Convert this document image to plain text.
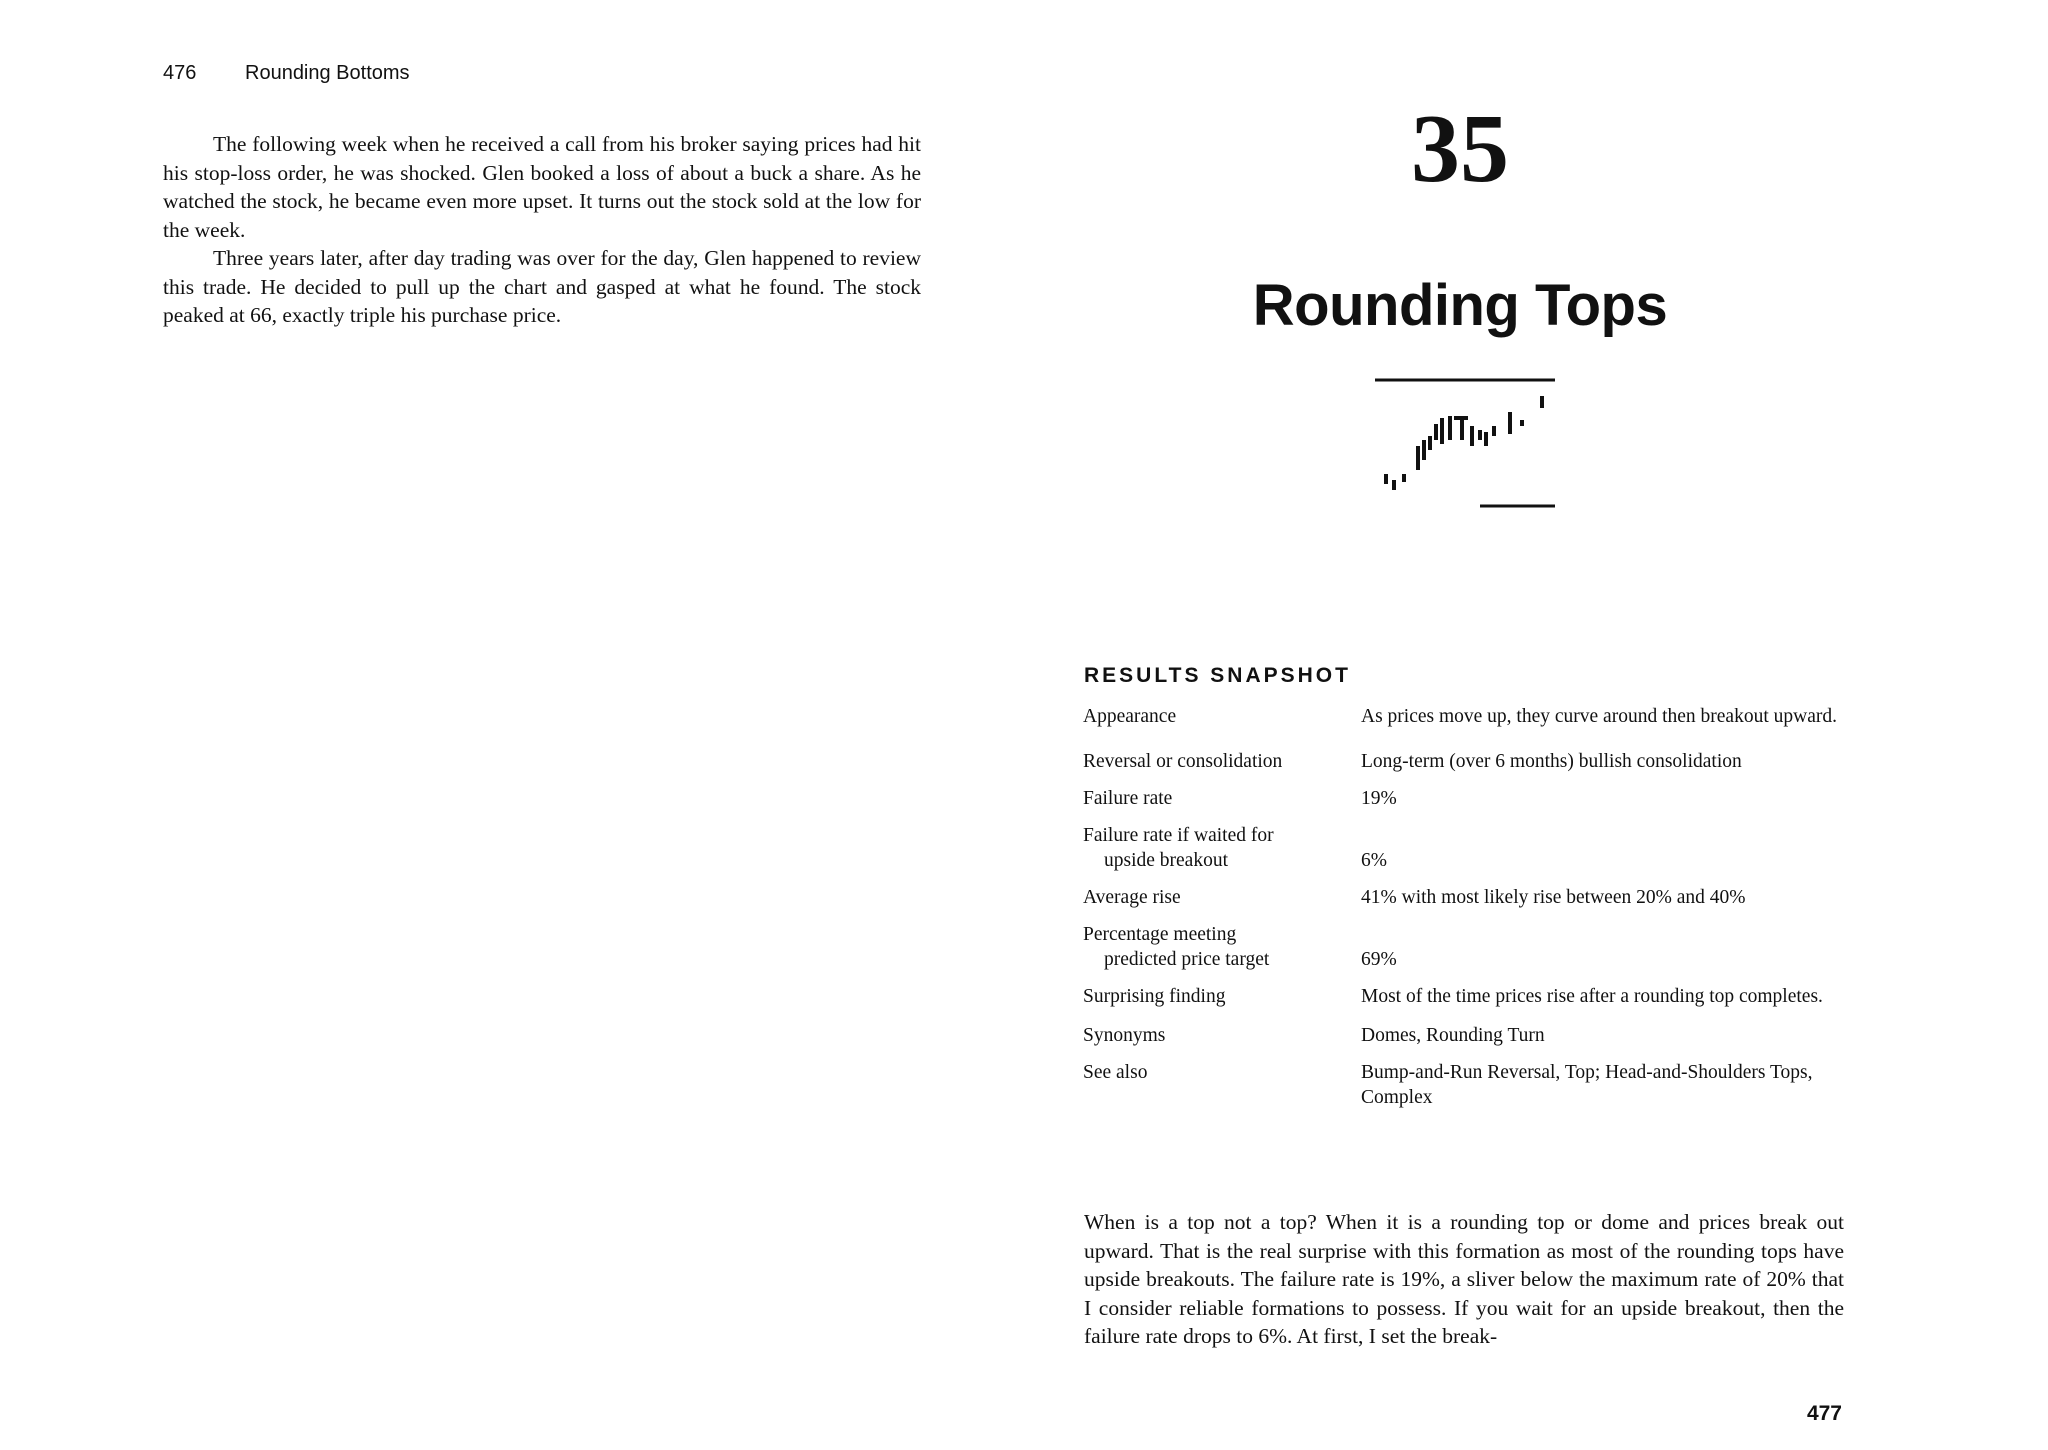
476 Rounding Bottoms

The following week when he received a call from his broker saying prices had hit his stop-loss order, he was shocked. Glen booked a loss of about a buck a share. As he watched the stock, he became even more upset. It turns out the stock sold at the low for the week.

Three years later, after day trading was over for the day, Glen happened to review this trade. He decided to pull up the chart and gasped at what he found. The stock peaked at 66, exactly triple his purchase price.

35
Rounding Tops
RESULTS SNAPSHOT
Appearance	As prices move up, they curve around then breakout upward.
Reversal or consolidation	Long-term (over 6 months) bullish consolidation
Failure rate	19%
Failure rate if waited for
upside breakout
	6%
Average rise	41% with most likely rise between 20% and 40%
Percentage meeting
predicted price target
	69%
Surprising finding	Most of the time prices rise after a rounding top completes.
Synonyms	Domes, Rounding Turn
See also	Bump-and-Run Reversal, Top; Head-and-Shoulders Tops, Complex

When is a top not a top? When it is a rounding top or dome and prices break out upward. That is the real surprise with this formation as most of the rounding tops have upside breakouts. The failure rate is 19%, a sliver below the maximum rate of 20% that I consider reliable formations to possess. If you wait for an upside breakout, then the failure rate drops to 6%. At first, I set the break-

477
